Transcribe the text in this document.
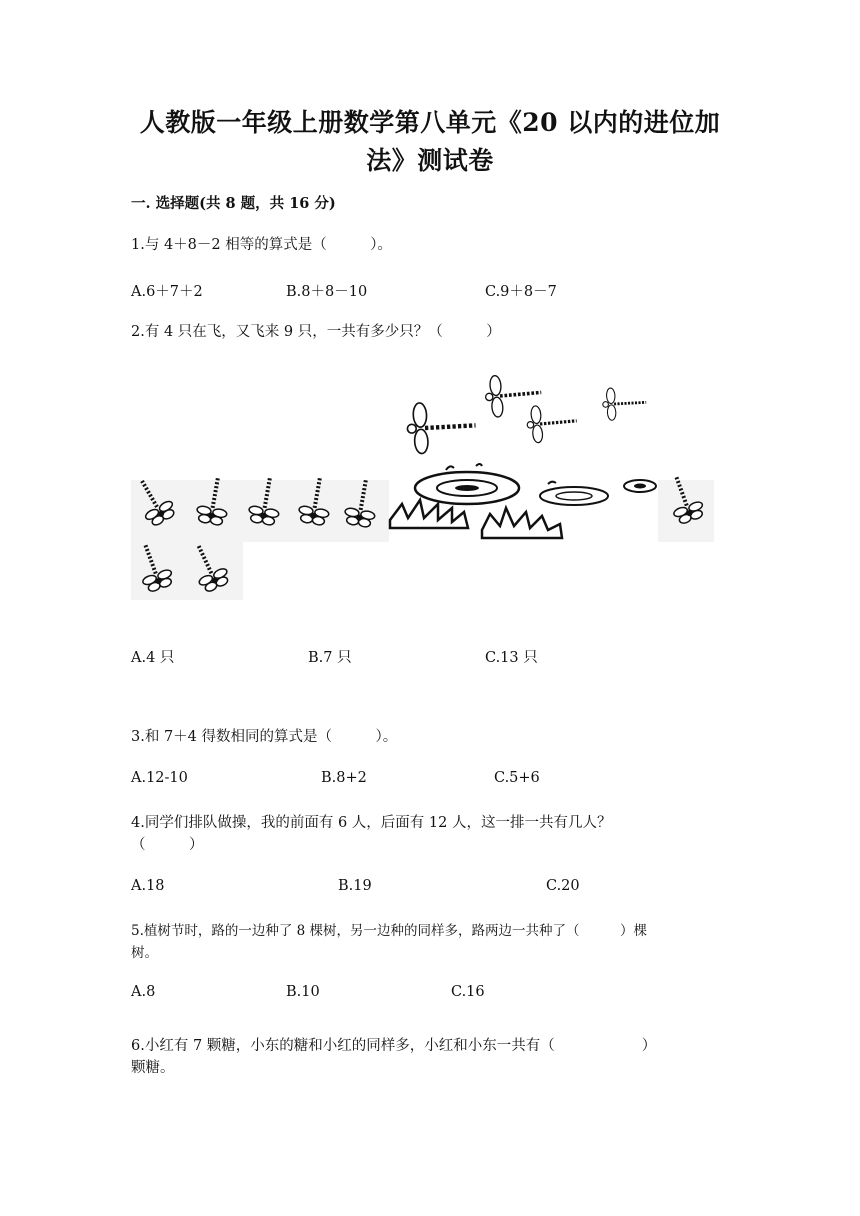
人教版一年级上册数学第八单元《20 以内的进位加
法》测试卷
一. 选择题(共 8 题，共 16 分)
1.与 4＋8－2 相等的算式是（　　　）。
A.6＋7＋2	B.8＋8－10	C.9＋8－7
2.有 4 只在飞，又飞来 9 只，一共有多少只？（　　　）
A.4 只	B.7 只	C.13 只
3.和 7＋4 得数相同的算式是（　　　）。
A.12-10	B.8+2	C.5+6
4.同学们排队做操，我的前面有 6 人，后面有 12 人，这一排一共有几人？
（　　　）
A.18	B.19	C.20
5.植树节时，路的一边种了 8 棵树，另一边种的同样多，路两边一共种了（　　　）棵
树。
A.8	B.10	C.16
6.小红有 7 颗糖，小东的糖和小红的同样多，小红和小东一共有（　　　　　　）
颗糖。
